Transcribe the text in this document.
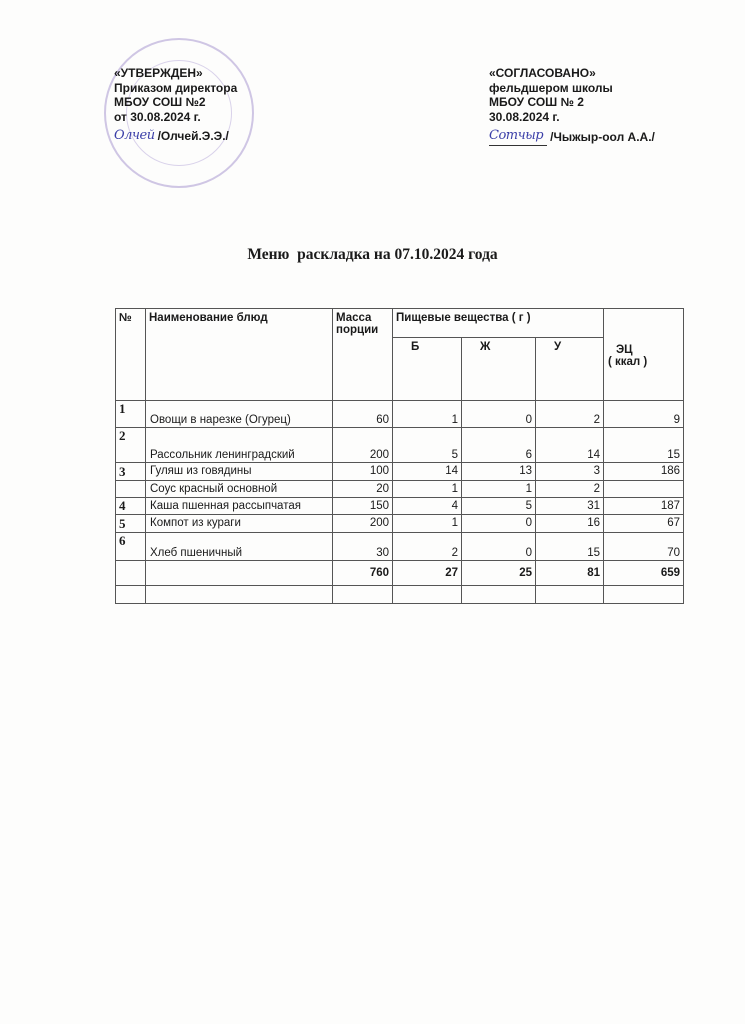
«УТВЕРЖДЕН»
Приказом директора
МБОУ СОШ №2
от 30.08.2024 г.
Олчей /Олчей.Э.Э./
«СОГЛАСОВАНО»
фельдшером школы
МБОУ СОШ № 2
30.08.2024 г.
Сотчыр /Чыжыр-оол А.А./
Меню  раскладка на 07.10.2024 года
№	Наименование блюд	Масса порции	Пищевые вещества ( г )			ЭЦ
( ккал )

			Б	Ж	У	
1	Овощи в нарезке (Огурец)	60	1	0	2	9
2	Рассольник ленинградский	200	5	6	14	15
3	Гуляш из говядины	100	14	13	3	186
	Соус красный основной	20	1	1	2	
4	Каша пшенная рассыпчатая	150	4	5	31	187
5	Компот из кураги	200	1	0	16	67
6	Хлеб пшеничный	30	2	0	15	70
		760	27	25	81	659
